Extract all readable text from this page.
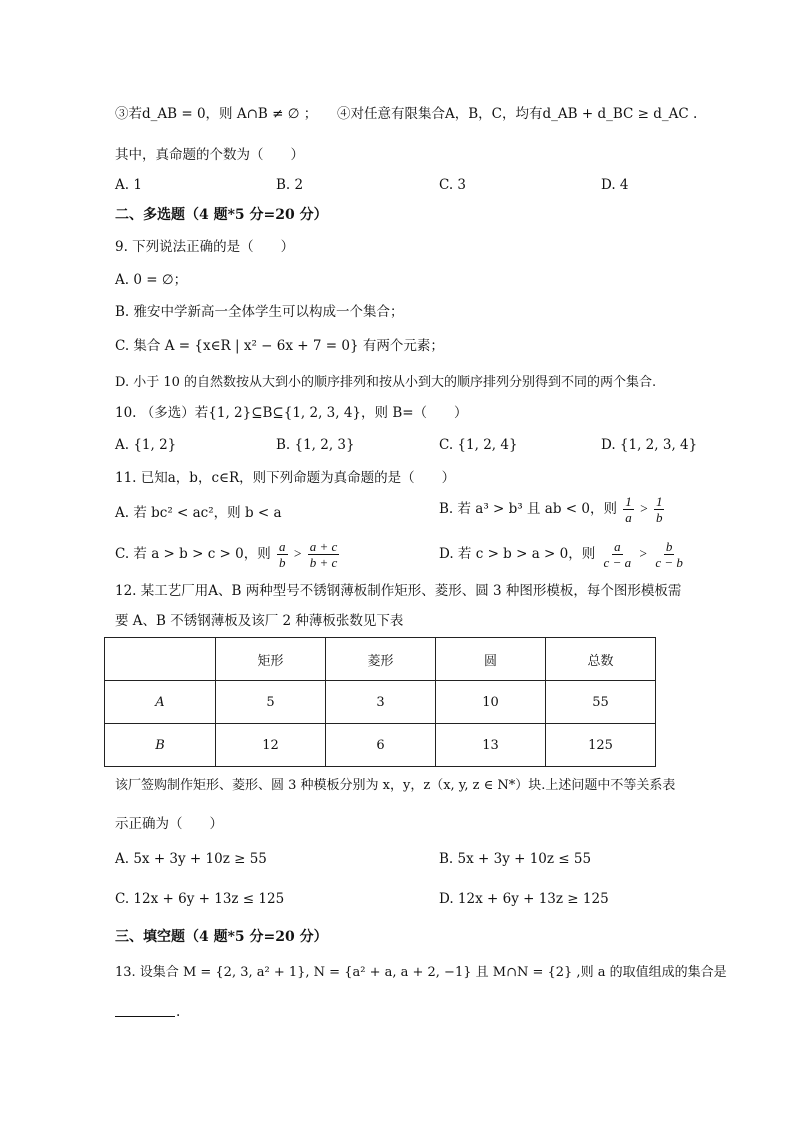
③若d_AB = 0，则 A∩B ≠ ∅ ； ④对任意有限集合A，B，C，均有d_AB + d_BC ≥ d_AC .
其中，真命题的个数为（　　）
A. 1	B. 2	C. 3	D. 4
二、多选题（4 题*5 分=20 分）
9. 下列说法正确的是（　　）
A. 0 = ∅；
B. 雅安中学新高一全体学生可以构成一个集合；
C. 集合 A = {x∈R | x² − 6x + 7 = 0} 有两个元素；
D. 小于 10 的自然数按从大到小的顺序排列和按从小到大的顺序排列分别得到不同的两个集合.
10. （多选）若{1, 2}⊆B⊆{1, 2, 3, 4}，则 B=（　　）
A. {1, 2}	B. {1, 2, 3}	C. {1, 2, 4}	D. {1, 2, 3, 4}
11. 已知a，b，c∈R，则下列命题为真命题的是（　　）
A. 若 bc² < ac²，则 b < a	B. 若 a³ > b³ 且 ab < 0，则 $\frac{1}{a} > \frac{1}{b}$
C. 若 a > b > c > 0，则 $\frac{a}{b} > \frac{a + c}{b + c}$	D. 若 c > b > a > 0，则 $\frac{a}{c - a} > \frac{b}{c - b}$
12. 某工艺厂用A、B 两种型号不锈钢薄板制作矩形、菱形、圆 3 种图形模板，每个图形模板需
要 A、B 不锈钢薄板及该厂 2 种薄板张数见下表
	矩形	菱形	圆	总数
A	5	3	10	55
B	12	6	13	125
该厂签购制作矩形、菱形、圆 3 种模板分别为 x，y，z（x, y, z ∈ N*）块.上述问题中不等关系表
示正确为（　　）
A. 5x + 3y + 10z ≥ 55	B. 5x + 3y + 10z ≤ 55
C. 12x + 6y + 13z ≤ 125	D. 12x + 6y + 13z ≥ 125
三、填空题（4 题*5 分=20 分）
13. 设集合 M = {2, 3, a² + 1}, N = {a² + a, a + 2, −1} 且 M∩N = {2} ,则 a 的取值组成的集合是
.
